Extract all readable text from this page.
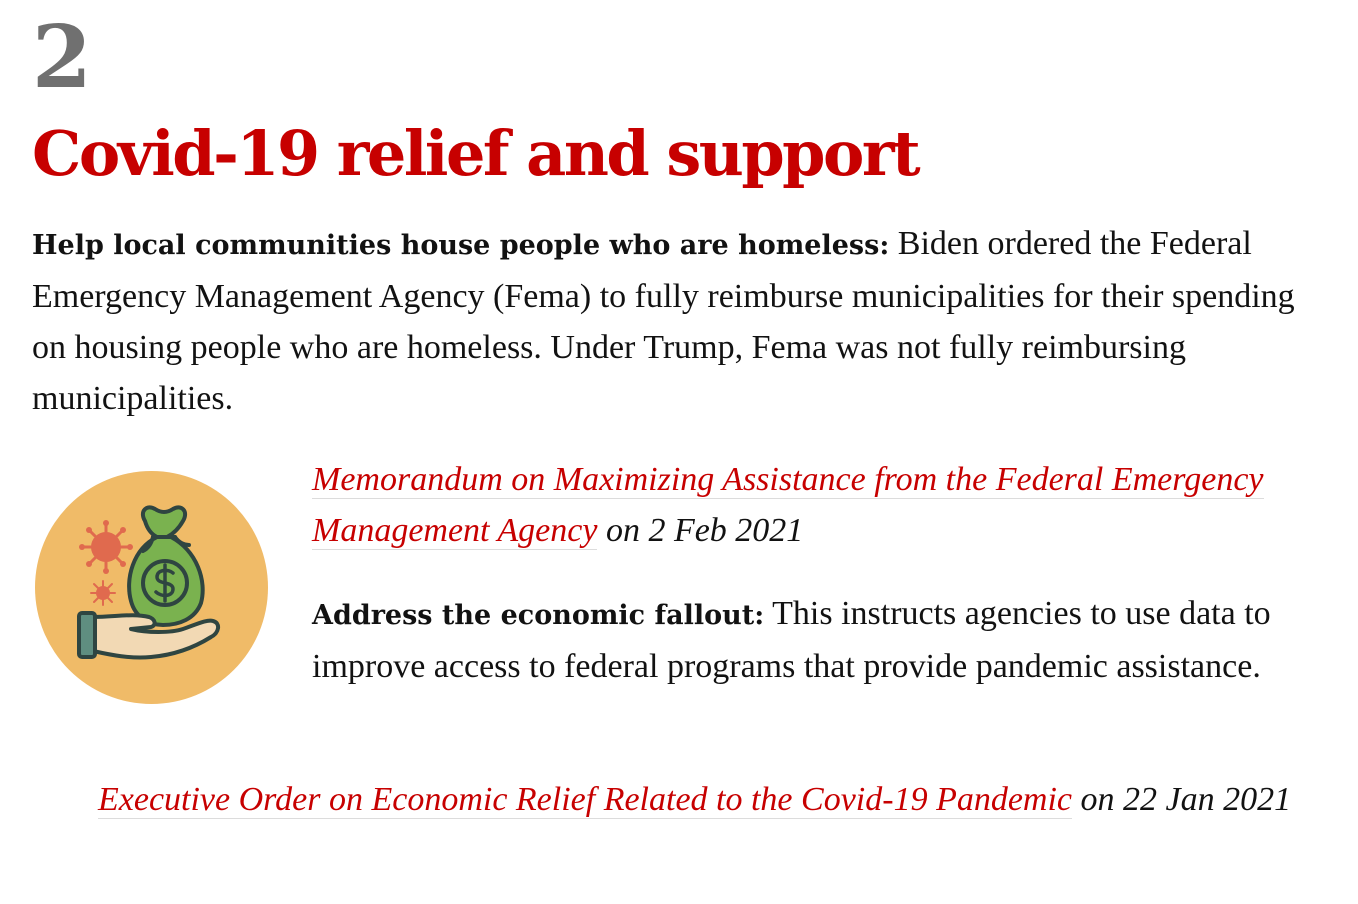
2
Covid-19 relief and support

Help local communities house people who are homeless: Biden ordered the Federal Emergency Management Agency (Fema) to fully reimburse municipalities for their spending on housing people who are homeless. Under Trump, Fema was not fully reimbursing municipalities.

Memorandum on Maximizing Assistance from the Federal Emergency Management Agency on 2 Feb 2021

Address the economic fallout: This instructs agencies to use data to improve access to federal programs that provide pandemic assistance.

Executive Order on Economic Relief Related to the Covid-19 Pandemic on 22 Jan 2021
